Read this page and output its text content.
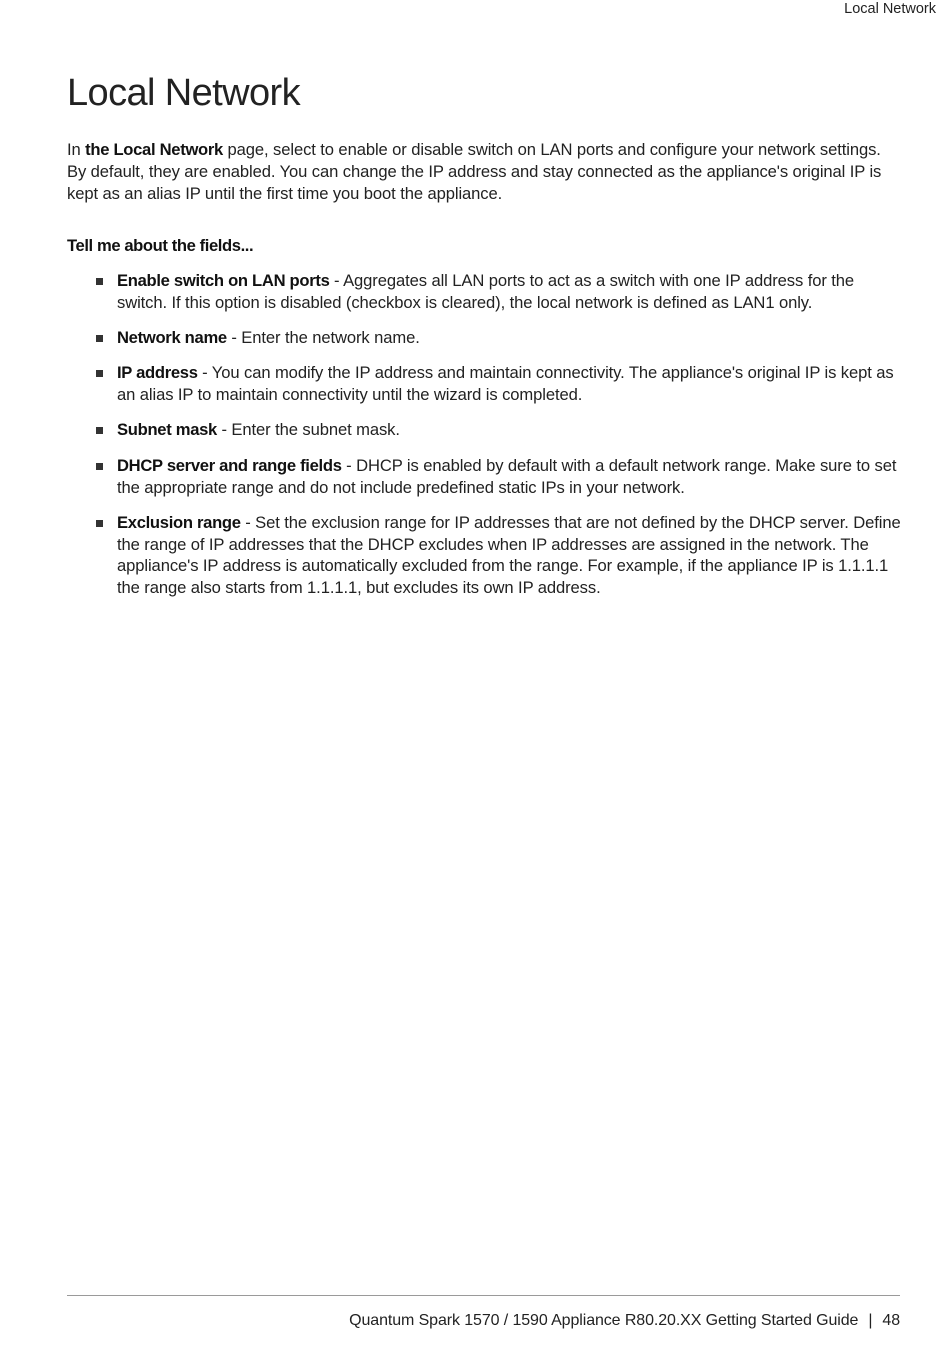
Local Network
Local Network

In the Local Network page, select to enable or disable switch on LAN ports and configure your network settings. By default, they are enabled. You can change the IP address and stay connected as the appliance's original IP is kept as an alias IP until the first time you boot the appliance.

Tell me about the fields...

Enable switch on LAN ports - Aggregates all LAN ports to act as a switch with one IP address for the switch. If this option is disabled (checkbox is cleared), the local network is defined as LAN1 only.
Network name - Enter the network name.
IP address - You can modify the IP address and maintain connectivity. The appliance's original IP is kept as an alias IP to maintain connectivity until the wizard is completed.
Subnet mask - Enter the subnet mask.
DHCP server and range fields - DHCP is enabled by default with a default network range. Make sure to set the appropriate range and do not include predefined static IPs in your network.
Exclusion range - Set the exclusion range for IP addresses that are not defined by the DHCP server. Define the range of IP addresses that the DHCP excludes when IP addresses are assigned in the network. The appliance's IP address is automatically excluded from the range. For example, if the appliance IP is 1.1.1.1 the range also starts from 1.1.1.1, but excludes its own IP address.
Quantum Spark 1570 / 1590 Appliance R80.20.XX Getting Started Guide | 48
